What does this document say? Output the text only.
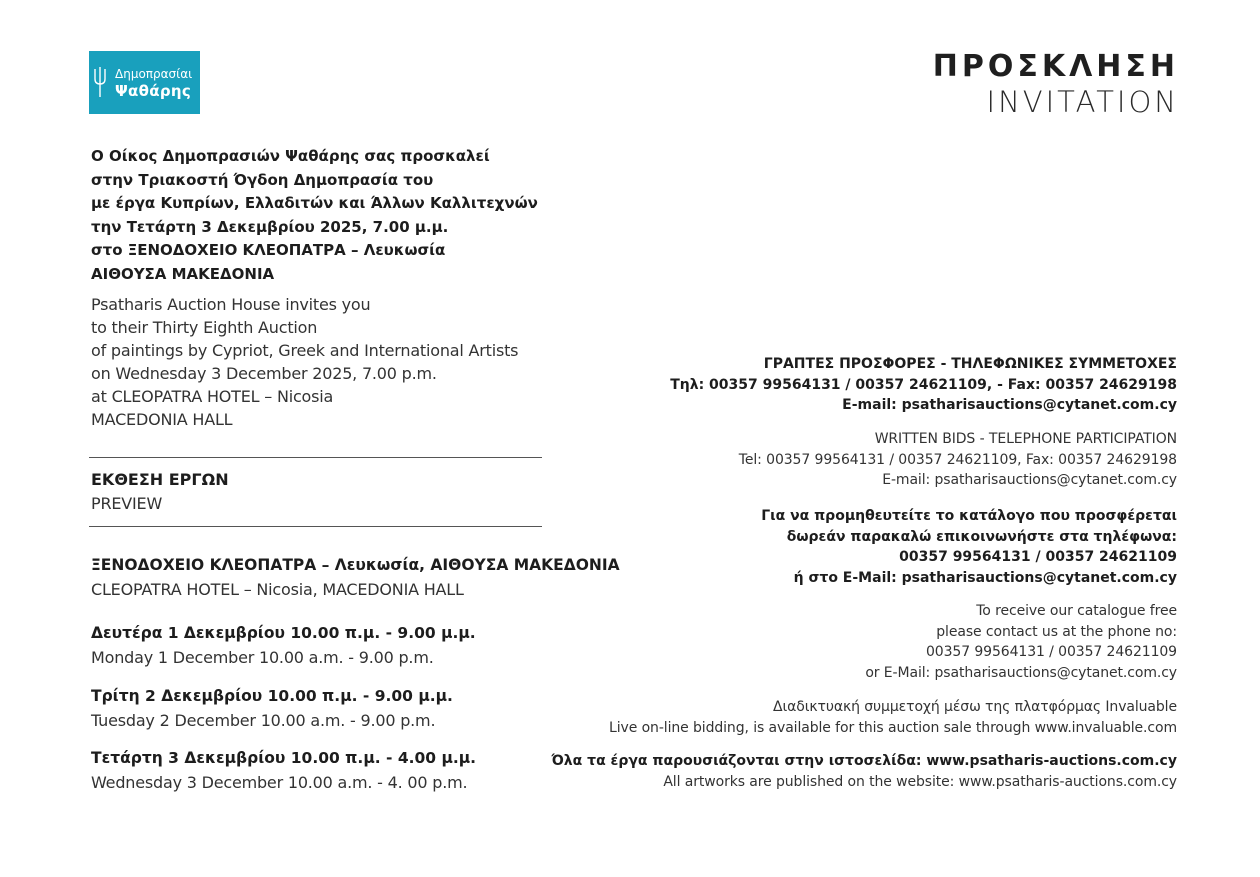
Δημοπρασίαι
Ψαθάρης
ΠΡΟΣΚΛΗΣΗ
INVITATION
Ο Οίκος Δημοπρασιών Ψαθάρης σας προσκαλεί
στην Τριακοστή Όγδοη Δημοπρασία του
με έργα Κυπρίων, Ελλαδιτών και Άλλων Καλλιτεχνών
την Τετάρτη 3 Δεκεμβρίου 2025, 7.00 μ.μ.
στο ΞΕΝΟΔΟΧΕΙΟ ΚΛΕΟΠΑΤΡΑ – Λευκωσία
ΑΙΘΟΥΣΑ ΜΑΚΕΔΟΝΙΑ
Psatharis Auction House invites you
to their Thirty Eighth Auction
of paintings by Cypriot, Greek and International Artists
on Wednesday 3 December 2025, 7.00 p.m.
at CLEOPATRA HOTEL – Nicosia
MACEDONIA HALL
ΕΚΘΕΣΗ ΕΡΓΩΝ
PREVIEW
ΞΕΝΟΔΟΧΕΙΟ ΚΛΕΟΠΑΤΡΑ – Λευκωσία, ΑΙΘΟΥΣΑ ΜΑΚΕΔΟΝΙΑ
CLEOPATRA HOTEL – Nicosia, MACEDONIA HALL
Δευτέρα 1 Δεκεμβρίου 10.00 π.μ. - 9.00 μ.μ.
Monday 1 December 10.00 a.m. - 9.00 p.m.
Τρίτη 2 Δεκεμβρίου 10.00 π.μ. - 9.00 μ.μ.
Tuesday 2 December 10.00 a.m. - 9.00 p.m.
Τετάρτη 3 Δεκεμβρίου 10.00 π.μ. - 4.00 μ.μ.
Wednesday 3 December 10.00 a.m. - 4. 00 p.m.
ΓΡΑΠΤΕΣ ΠΡΟΣΦΟΡΕΣ - ΤΗΛΕΦΩΝΙΚΕΣ ΣΥΜΜΕΤΟΧΕΣ
Τηλ: 00357 99564131 / 00357 24621109, - Fax: 00357 24629198
E-mail: psatharisauctions@cytanet.com.cy
WRITTEN BIDS - TELEPHONE PARTICIPATION
Tel: 00357 99564131 / 00357 24621109, Fax: 00357 24629198
E-mail: psatharisauctions@cytanet.com.cy
Για να προμηθευτείτε το κατάλογο που προσφέρεται
δωρεάν παρακαλώ επικοινωνήστε στα τηλέφωνα:
00357 99564131 / 00357 24621109
ή στο E-Mail: psatharisauctions@cytanet.com.cy
To receive our catalogue free
please contact us at the phone no:
00357 99564131 / 00357 24621109
or E-Mail: psatharisauctions@cytanet.com.cy
Διαδικτυακή συμμετοχή μέσω της πλατφόρμας Invaluable
Live on-line bidding, is available for this auction sale through www.invaluable.com
Όλα τα έργα παρουσιάζονται στην ιστοσελίδα: www.psatharis-auctions.com.cy
All artworks are published on the website: www.psatharis-auctions.com.cy
